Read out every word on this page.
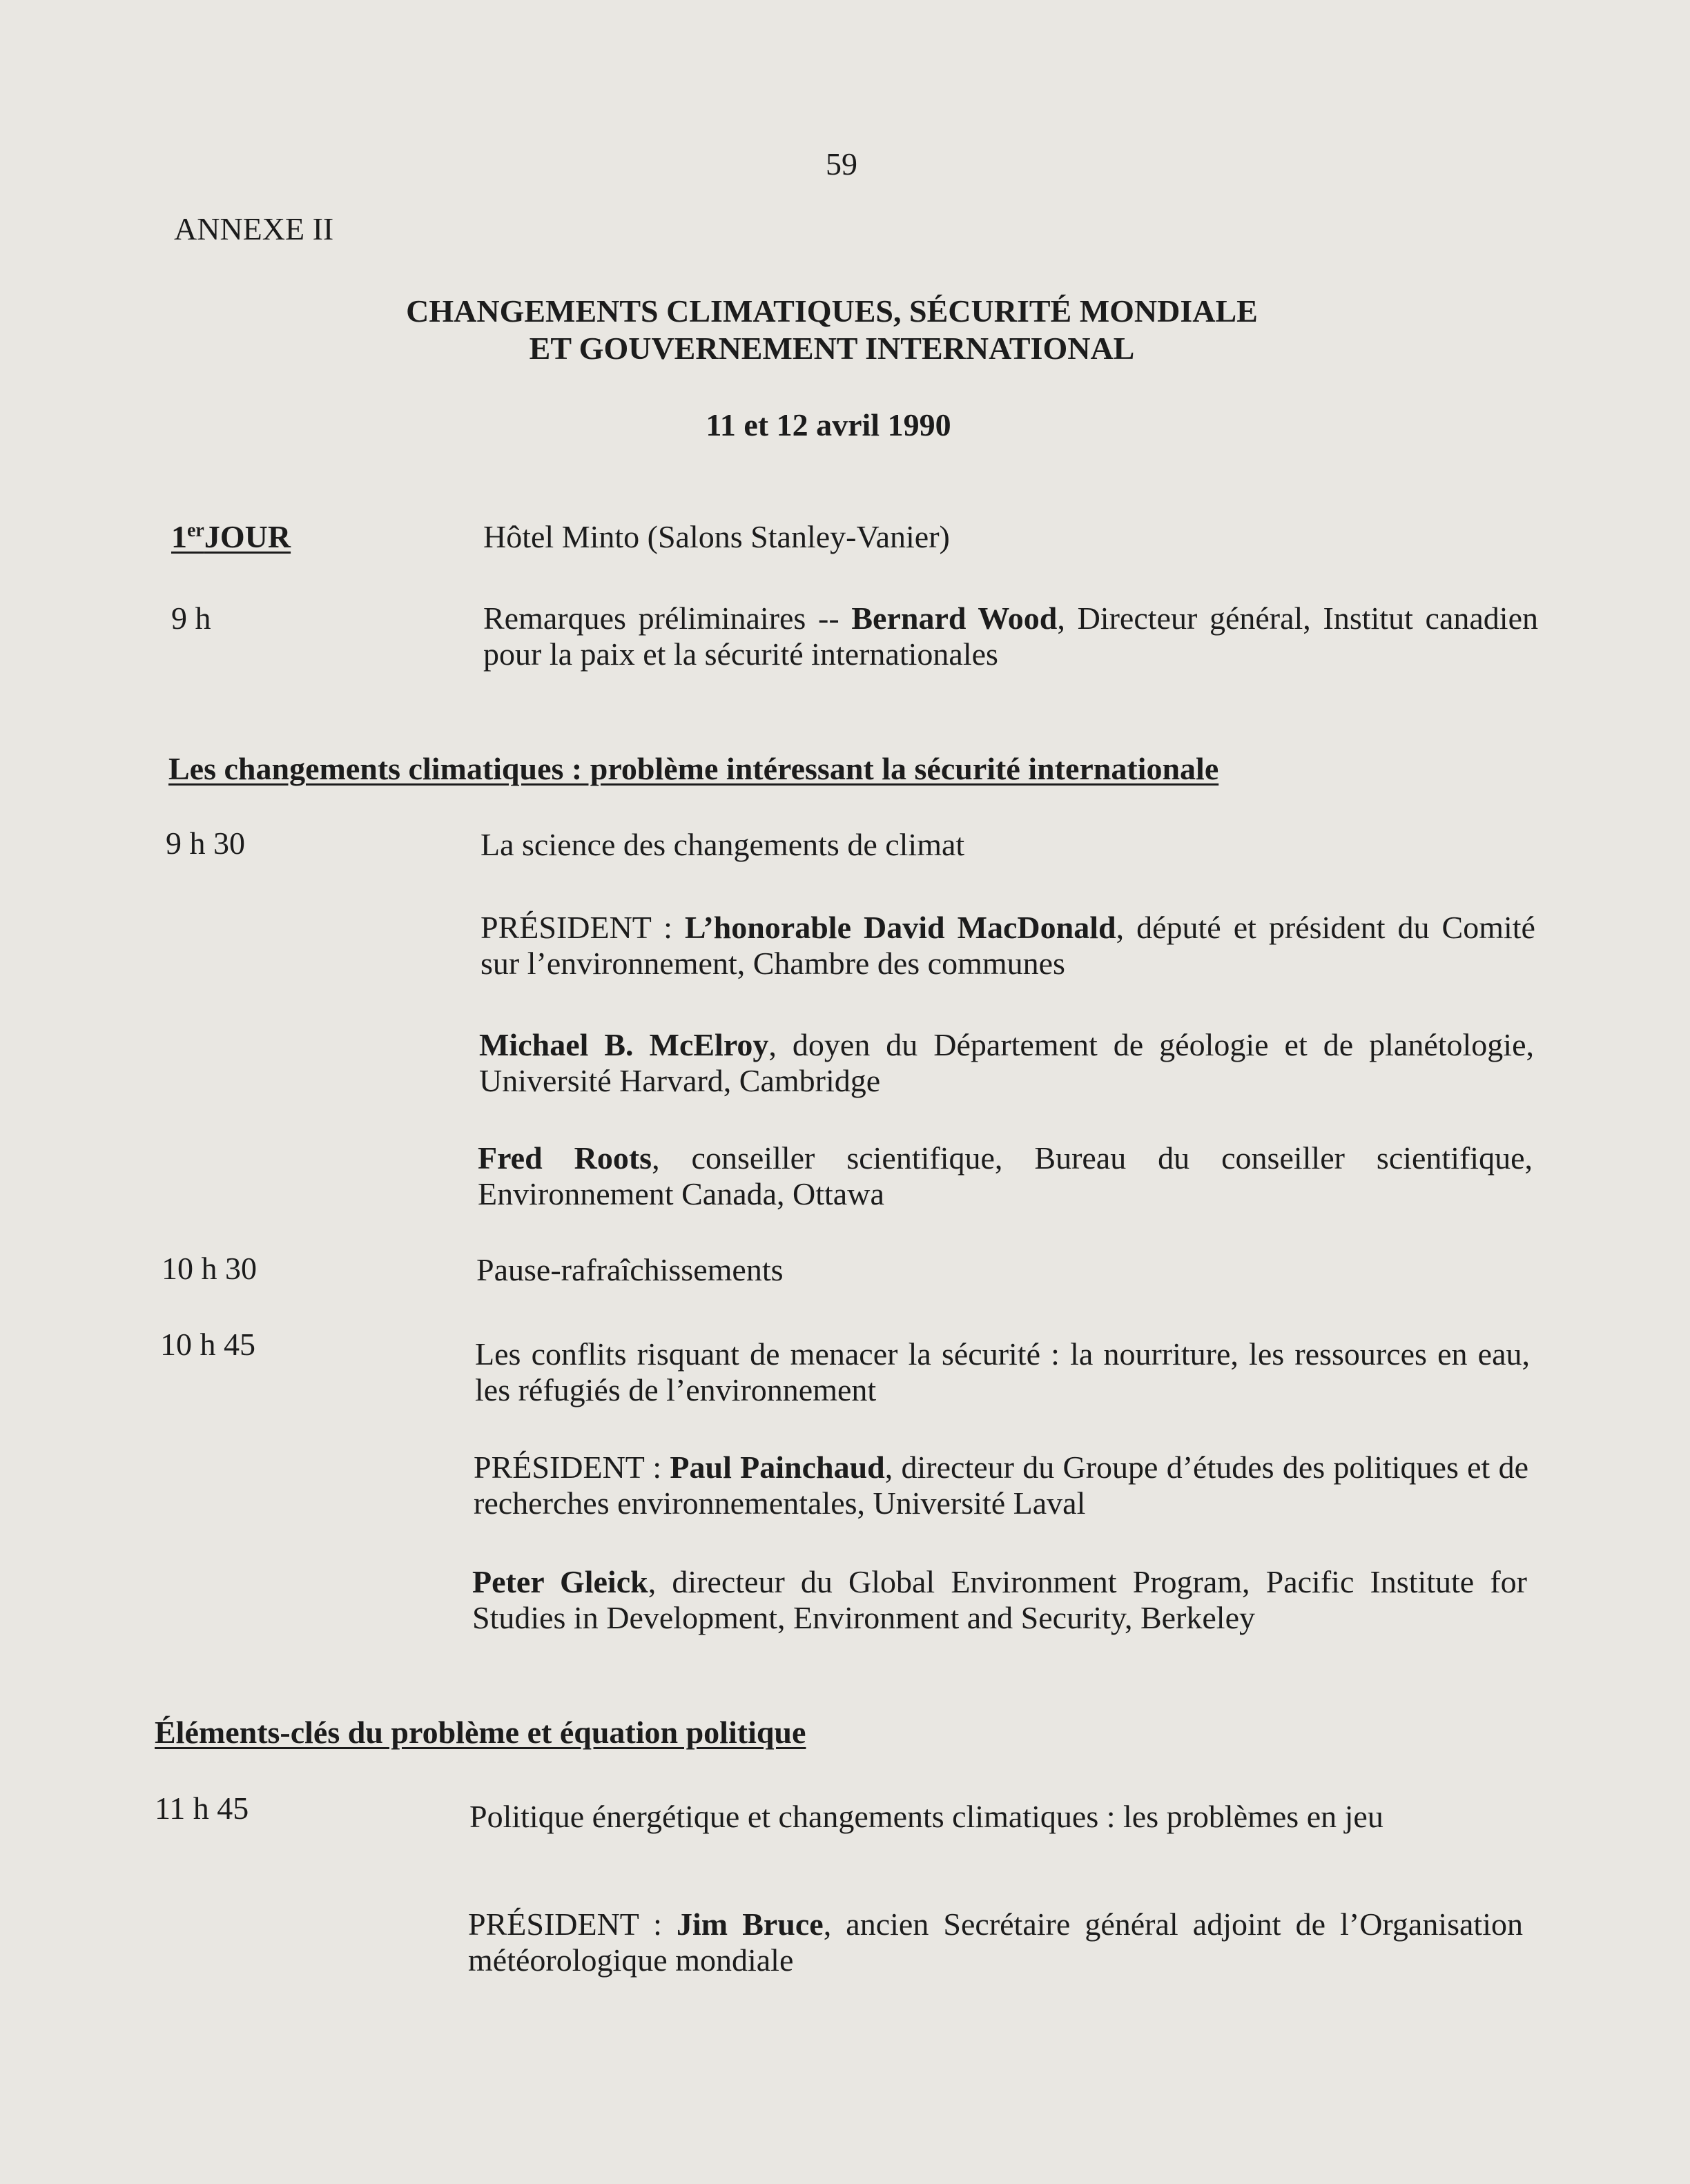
59
ANNEXE II
CHANGEMENTS CLIMATIQUES, SÉCURITÉ MONDIALE
ET GOUVERNEMENT INTERNATIONAL
11 et 12 avril 1990
1erJOUR	Hôtel Minto (Salons Stanley-Vanier)
9 h	Remarques préliminaires -- Bernard Wood, Directeur général, Institut canadien pour la paix et la sécurité internationales
Les changements climatiques : problème intéressant la sécurité internationale
9 h 30	La science des changements de climat
PRÉSIDENT : L’honorable David MacDonald, député et président du Comité sur l’environnement, Chambre des communes
Michael B. McElroy, doyen du Département de géologie et de planétologie, Université Harvard, Cambridge
Fred Roots, conseiller scientifique, Bureau du conseiller scientifique, Environnement Canada, Ottawa
10 h 30	Pause-rafraîchissements
10 h 45	Les conflits risquant de menacer la sécurité : la nourriture, les ressources en eau, les réfugiés de l’environnement
PRÉSIDENT : Paul Painchaud, directeur du Groupe d’études des politiques et de recherches environnementales, Université Laval
Peter Gleick, directeur du Global Environment Program, Pacific Institute for Studies in Development, Environment and Security, Berkeley
Éléments-clés du problème et équation politique
11 h 45	Politique énergétique et changements climatiques : les problèmes en jeu
PRÉSIDENT : Jim Bruce, ancien Secrétaire général adjoint de l’Organisation météorologique mondiale
